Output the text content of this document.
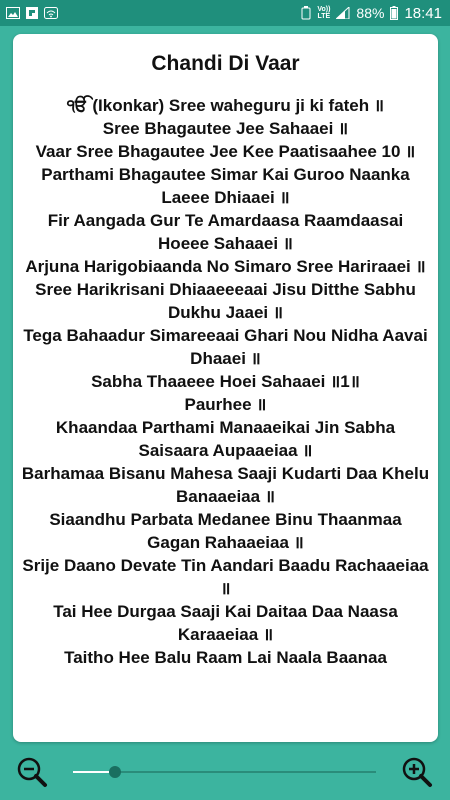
Vo))
LTE 88% 18:41
Chandi Di Vaar
ੴ (Ikonkar) Sree waheguru ji ki fateh ॥
Sree Bhagautee Jee Sahaaei ॥
Vaar Sree Bhagautee Jee Kee Paatisaahee 10 ॥
Parthami Bhagautee Simar Kai Guroo Naanka Laeee Dhiaaei ॥
Fir Aangada Gur Te Amardaasa Raamdaasai Hoeee Sahaaei ॥
Arjuna Harigobiaanda No Simaro Sree Hariraaei ॥
Sree Harikrisani Dhiaaeeeaai Jisu Ditthe Sabhu Dukhu Jaaei ॥
Tega Bahaadur Simareeaai Ghari Nou Nidha Aavai Dhaaei ॥
Sabha Thaaeee Hoei Sahaaei ॥1॥
Paurhee ॥
Khaandaa Parthami Manaaeikai Jin Sabha Saisaara Aupaaeiaa ॥
Barhamaa Bisanu Mahesa Saaji Kudarti Daa Khelu Banaaeiaa ॥
Siaandhu Parbata Medanee Binu Thaanmaa Gagan Rahaaeiaa ॥
Srije Daano Devate Tin Aandari Baadu Rachaaeiaa ॥
Tai Hee Durgaa Saaji Kai Daitaa Daa Naasa Karaaeiaa ॥
Taitho Hee Balu Raam Lai Naala Baanaa
